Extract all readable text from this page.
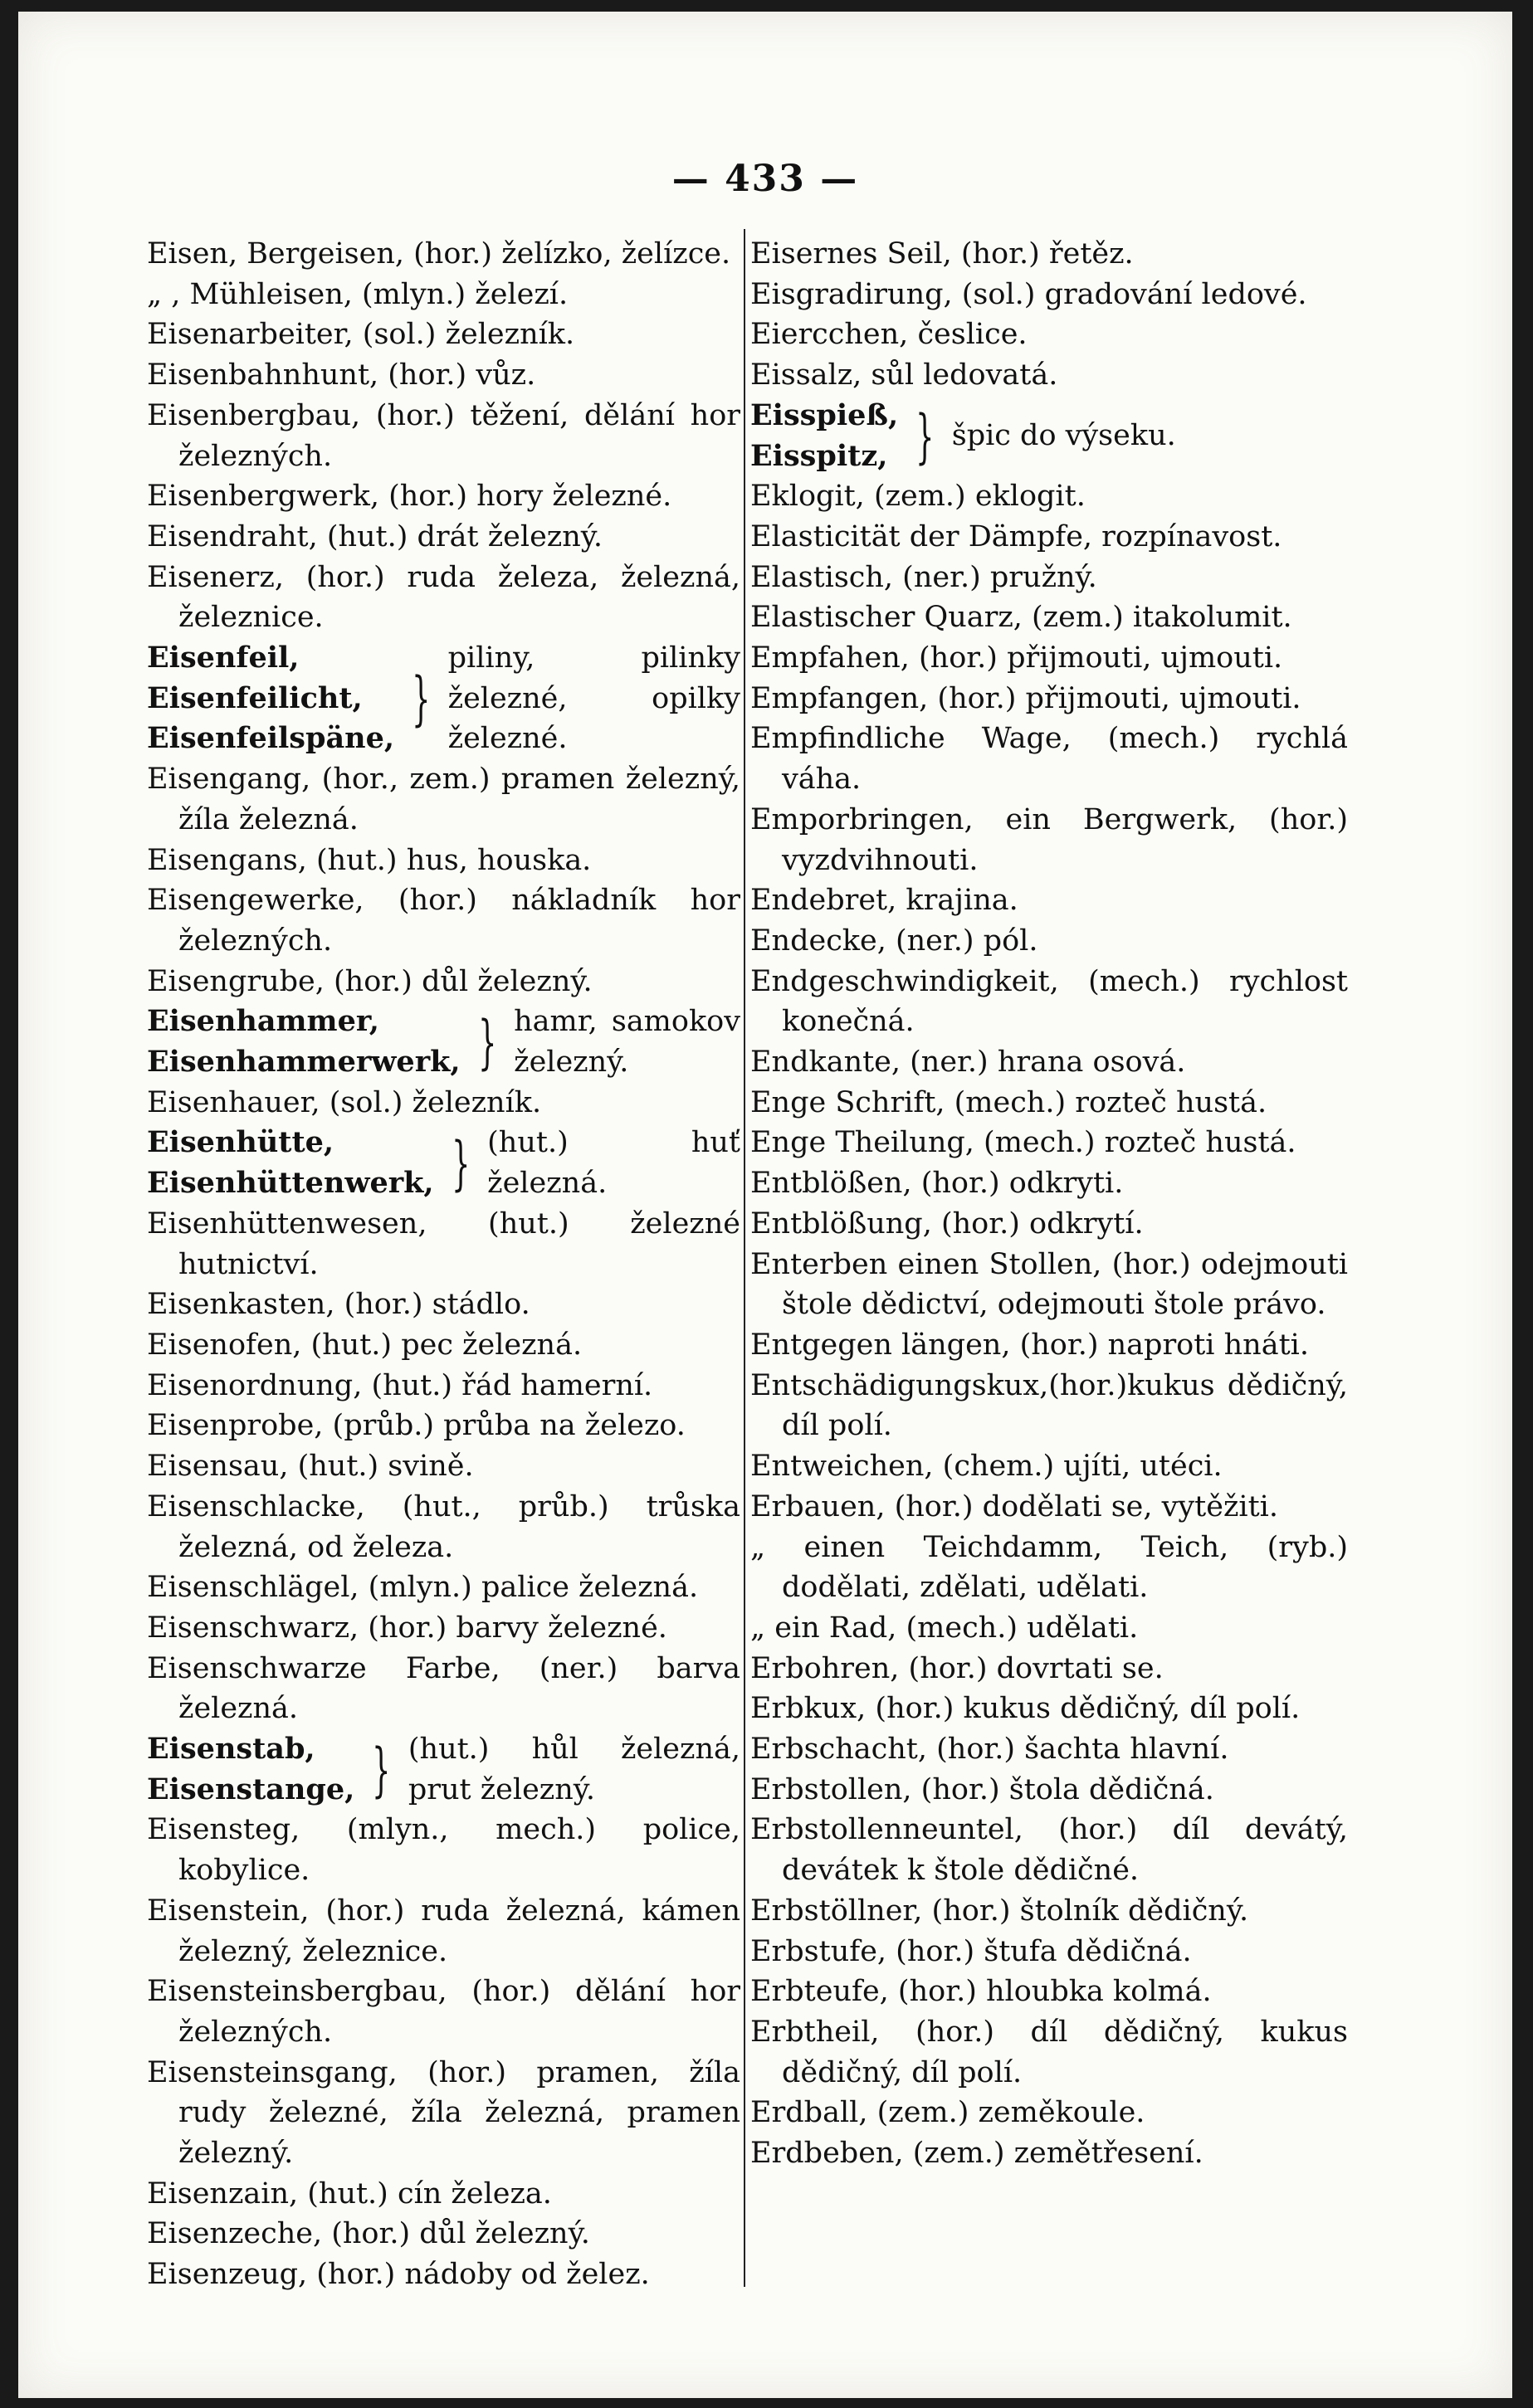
— 433 —

Eisen, Bergeisen, (hor.) želízko, želízce.

„ , Mühleisen, (mlyn.) železí.

Eisenarbeiter, (sol.) železník.

Eisenbahnhunt, (hor.) vůz.

Eisenbergbau, (hor.) těžení, dělání hor železných.

Eisenbergwerk, (hor.) hory železné.

Eisendraht, (hut.) drát železný.

Eisenerz, (hor.) ruda železa, železná, železnice.

Eisenfeil,
Eisenfeilicht,
Eisenfeilspäne,
}
piliny, pilinky železné, opilky železné.

Eisengang, (hor., zem.) pramen železný, žíla železná.

Eisengans, (hut.) hus, houska.

Eisengewerke, (hor.) nákladník hor železných.

Eisengrube, (hor.) důl železný.

Eisenhammer,
Eisenhammerwerk, } hamr, samokov železný.

Eisenhauer, (sol.) železník.

Eisenhütte,
Eisenhüttenwerk, } (hut.) huť železná.

Eisenhüttenwesen, (hut.) železné hutnictví.

Eisenkasten, (hor.) stádlo.

Eisenofen, (hut.) pec železná.

Eisenordnung, (hut.) řád hamerní.

Eisenprobe, (průb.) průba na železo.

Eisensau, (hut.) svině.

Eisenschlacke, (hut., průb.) trůska železná, od železa.

Eisenschlägel, (mlyn.) palice železná.

Eisenschwarz, (hor.) barvy železné.

Eisenschwarze Farbe, (ner.) barva železná.

Eisenstab,
Eisenstange, } (hut.) hůl železná, prut železný.

Eisensteg, (mlyn., mech.) police, kobylice.

Eisenstein, (hor.) ruda železná, kámen železný, železnice.

Eisensteinsbergbau, (hor.) dělání hor železných.

Eisensteinsgang, (hor.) pramen, žíla rudy železné, žíla železná, pramen železný.

Eisenzain, (hut.) cín železa.

Eisenzeche, (hor.) důl železný.

Eisenzeug, (hor.) nádoby od želez.

Eisernes Seil, (hor.) řetěz.

Eisgradirung, (sol.) gradování ledové.

Eiercchen, česlice.

Eissalz, sůl ledovatá.

Eisspieß,
Eisspitz, } špic do výseku.

Eklogit, (zem.) eklogit.

Elasticität der Dämpfe, rozpínavost.

Elastisch, (ner.) pružný.

Elastischer Quarz, (zem.) itakolumit.

Empfahen, (hor.) přijmouti, ujmouti.

Empfangen, (hor.) přijmouti, ujmouti.

Empfindliche Wage, (mech.) rychlá váha.

Emporbringen, ein Bergwerk, (hor.) vyzdvihnouti.

Endebret, krajina.

Endecke, (ner.) pól.

Endgeschwindigkeit, (mech.) rychlost konečná.

Endkante, (ner.) hrana osová.

Enge Schrift, (mech.) rozteč hustá.

Enge Theilung, (mech.) rozteč hustá.

Entblößen, (hor.) odkryti.

Entblößung, (hor.) odkrytí.

Enterben einen Stollen, (hor.) odejmouti štole dědictví, odejmouti štole právo.

Entgegen längen, (hor.) naproti hnáti.

Entschädigungskux,(hor.)kukus dědičný, díl polí.

Entweichen, (chem.) ujíti, utéci.

Erbauen, (hor.) dodělati se, vytěžiti.

„ einen Teichdamm, Teich, (ryb.) dodělati, zdělati, udělati.

„ ein Rad, (mech.) udělati.

Erbohren, (hor.) dovrtati se.

Erbkux, (hor.) kukus dědičný, díl polí.

Erbschacht, (hor.) šachta hlavní.

Erbstollen, (hor.) štola dědičná.

Erbstollenneuntel, (hor.) díl devátý, devátek k štole dědičné.

Erbstöllner, (hor.) štolník dědičný.

Erbstufe, (hor.) štufa dědičná.

Erbteufe, (hor.) hloubka kolmá.

Erbtheil, (hor.) díl dědičný, kukus dědičný, díl polí.

Erdball, (zem.) zeměkoule.

Erdbeben, (zem.) zemětřesení.
